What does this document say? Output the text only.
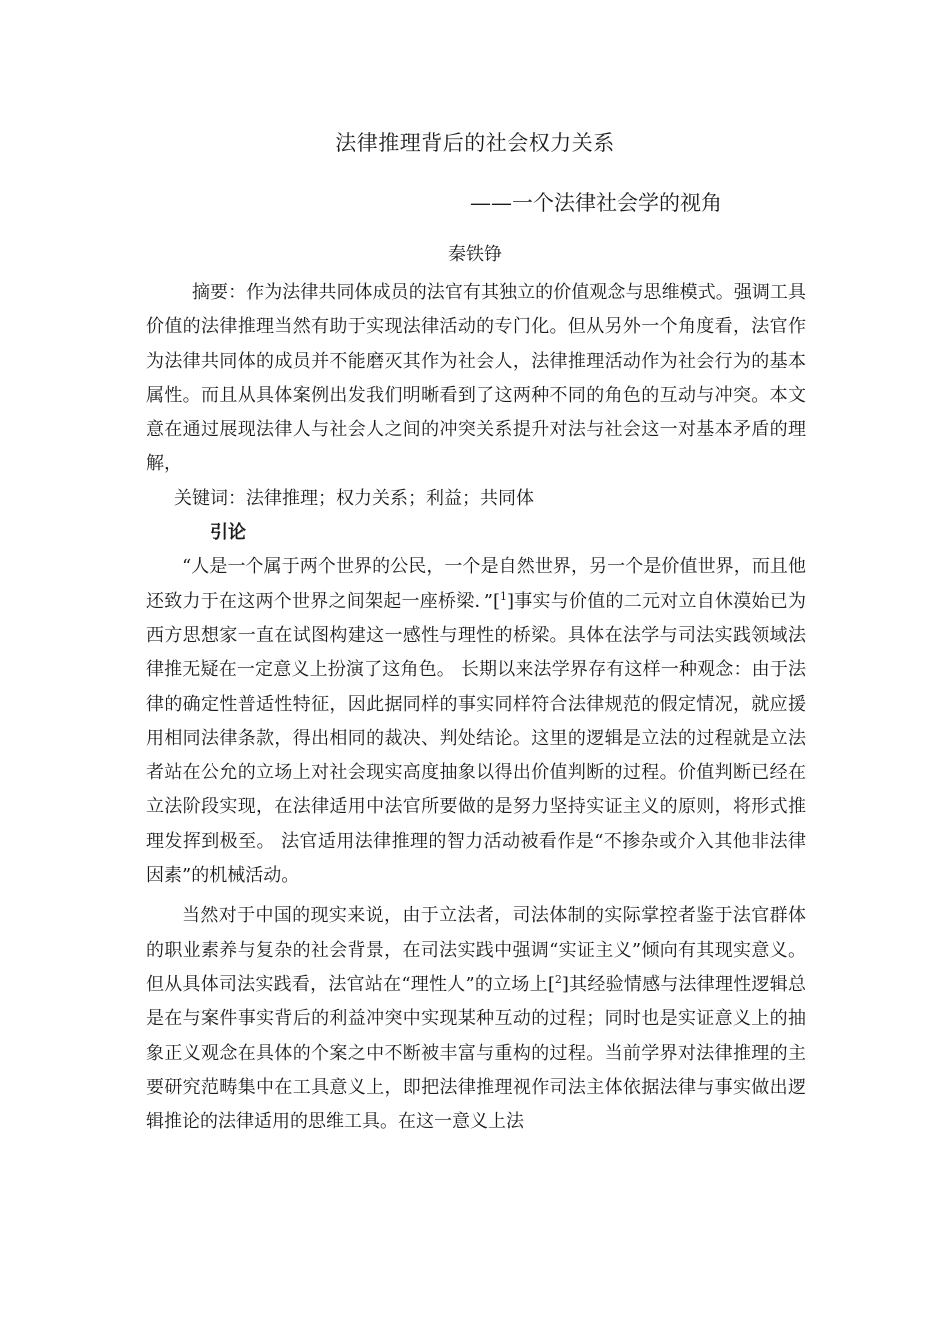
法律推理背后的社会权力关系
——一个法律社会学的视角
秦铁铮

摘要：作为法律共同体成员的法官有其独立的价值观念与思维模式。强调工具价值的法律推理当然有助于实现法律活动的专门化。但从另外一个角度看，法官作为法律共同体的成员并不能磨灭其作为社会人，法律推理活动作为社会行为的基本属性。而且从具体案例出发我们明晰看到了这两种不同的角色的互动与冲突。本文意在通过展现法律人与社会人之间的冲突关系提升对法与社会这一对基本矛盾的理解，

关键词：法律推理；权力关系；利益；共同体

引论

“人是一个属于两个世界的公民，一个是自然世界，另一个是价值世界，而且他还致力于在这两个世界之间架起一座桥梁．”[$^1$]事实与价值的二元对立自休漠始已为西方思想家一直在试图构建这一感性与理性的桥梁。具体在法学与司法实践领域法律推无疑在一定意义上扮演了这角色。 长期以来法学界存有这样一种观念：由于法律的确定性普适性特征，因此据同样的事实同样符合法律规范的假定情况，就应援用相同法律条款，得出相同的裁决、判处结论。这里的逻辑是立法的过程就是立法者站在公允的立场上对社会现实高度抽象以得出价值判断的过程。价值判断已经在立法阶段实现，在法律适用中法官所要做的是努力坚持实证主义的原则，将形式推理发挥到极至。 法官适用法律推理的智力活动被看作是“不掺杂或介入其他非法律因素”的机械活动。

当然对于中国的现实来说，由于立法者，司法体制的实际掌控者鉴于法官群体的职业素养与复杂的社会背景，在司法实践中强调“实证主义”倾向有其现实意义。但从具体司法实践看，法官站在“理性人”的立场上[$^2$]其经验情感与法律理性逻辑总是在与案件事实背后的利益冲突中实现某种互动的过程；同时也是实证意义上的抽象正义观念在具体的个案之中不断被丰富与重构的过程。当前学界对法律推理的主要研究范畴集中在工具意义上，即把法律推理视作司法主体依据法律与事实做出逻辑推论的法律适用的思维工具。在这一意义上法
